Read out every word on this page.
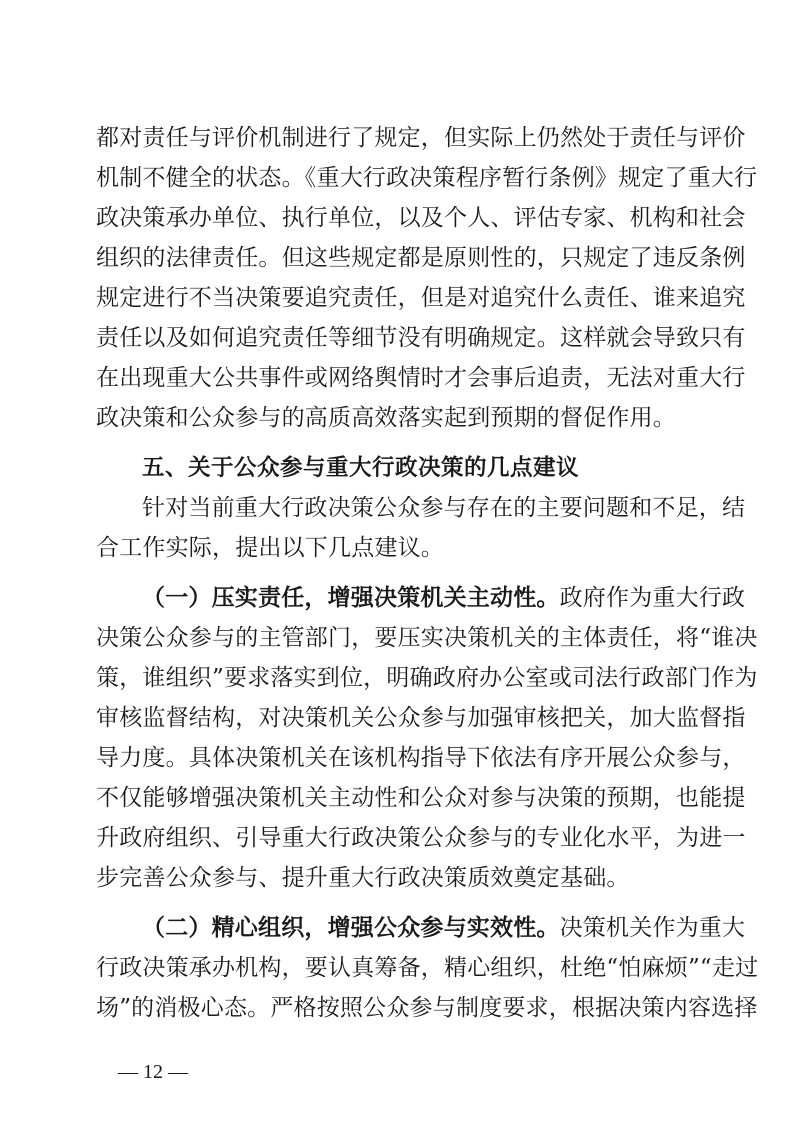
都对责任与评价机制进行了规定，但实际上仍然处于责任与评价
机制不健全的状态。《重大行政决策程序暂行条例》规定了重大行
政决策承办单位、执行单位，以及个人、评估专家、机构和社会
组织的法律责任。但这些规定都是原则性的，只规定了违反条例
规定进行不当决策要追究责任，但是对追究什么责任、谁来追究
责任以及如何追究责任等细节没有明确规定。这样就会导致只有
在出现重大公共事件或网络舆情时才会事后追责，无法对重大行
政决策和公众参与的高质高效落实起到预期的督促作用。
五、关于公众参与重大行政决策的几点建议
针对当前重大行政决策公众参与存在的主要问题和不足，结
合工作实际，提出以下几点建议。
（一）压实责任，增强决策机关主动性。政府作为重大行政
决策公众参与的主管部门，要压实决策机关的主体责任，将“谁决
策，谁组织”要求落实到位，明确政府办公室或司法行政部门作为
审核监督结构，对决策机关公众参与加强审核把关，加大监督指
导力度。具体决策机关在该机构指导下依法有序开展公众参与，
不仅能够增强决策机关主动性和公众对参与决策的预期，也能提
升政府组织、引导重大行政决策公众参与的专业化水平，为进一
步完善公众参与、提升重大行政决策质效奠定基础。
（二）精心组织，增强公众参与实效性。决策机关作为重大
行政决策承办机构，要认真筹备，精心组织，杜绝“怕麻烦”“走过
场”的消极心态。严格按照公众参与制度要求，根据决策内容选择
— 12 —
